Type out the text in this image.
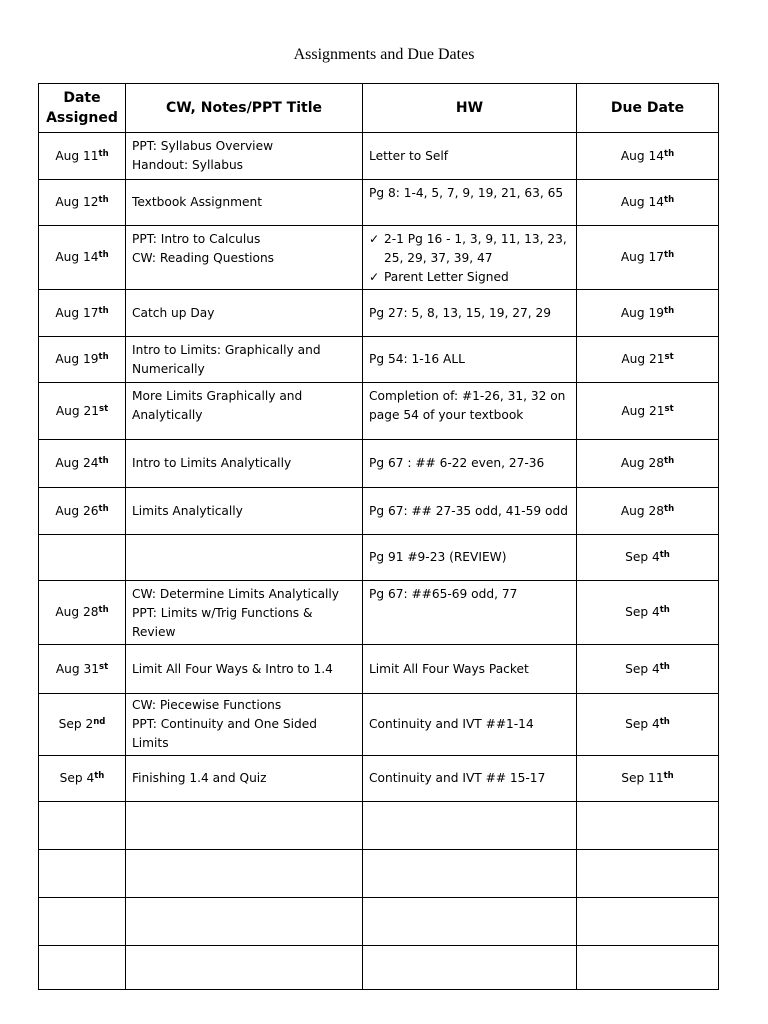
Assignments and Due Dates
Date
Assigned	CW, Notes/PPT Title	HW	Due Date
Aug 11th	PPT: Syllabus Overview
Handout: Syllabus	Letter to Self	Aug 14th
Aug 12th	Textbook Assignment	Pg 8: 1-4, 5, 7, 9, 19, 21, 63, 65	Aug 14th
Aug 14th	PPT: Intro to Calculus
CW: Reading Questions	✓ 2-1 Pg 16 - 1, 3, 9, 11, 13, 23,
25, 29, 37, 39, 47
✓ Parent Letter Signed	Aug 17th
Aug 17th	Catch up Day	Pg 27: 5, 8, 13, 15, 19, 27, 29	Aug 19th
Aug 19th	Intro to Limits: Graphically and
Numerically	Pg 54: 1-16 ALL	Aug 21st
Aug 21st	More Limits Graphically and
Analytically	Completion of: #1-26, 31, 32 on
page 54 of your textbook	Aug 21st
Aug 24th	Intro to Limits Analytically	Pg 67 : ## 6-22 even, 27-36	Aug 28th
Aug 26th	Limits Analytically	Pg 67: ## 27-35 odd, 41-59 odd	Aug 28th

		Pg 91 #9-23 (REVIEW)	Sep 4th
Aug 28th	CW: Determine Limits Analytically
PPT: Limits w/Trig Functions &
Review	Pg 67: ##65-69 odd, 77	Sep 4th
Aug 31st	Limit All Four Ways & Intro to 1.4	Limit All Four Ways Packet	Sep 4th
Sep 2nd	CW: Piecewise Functions
PPT: Continuity and One Sided
Limits	Continuity and IVT ##1-14	Sep 4th
Sep 4th	Finishing 1.4 and Quiz	Continuity and IVT ## 15-17	Sep 11th
